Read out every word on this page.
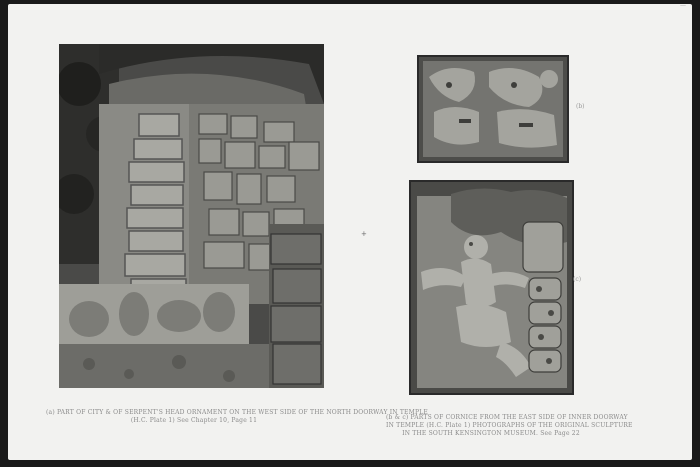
(b)
(c)
+
—
(a) PART OF CITY & OF SERPENT'S HEAD ORNAMENT ON THE WEST SIDE OF THE NORTH DOORWAY IN TEMPLE
(H.C. Plate 1) See Chapter 10, Page 11	(b & c) PARTS OF CORNICE FROM THE EAST SIDE OF INNER DOORWAY
IN TEMPLE (H.C. Plate 1) PHOTOGRAPHS OF THE ORIGINAL SCULPTURE
IN THE SOUTH KENSINGTON MUSEUM. See Page 22
